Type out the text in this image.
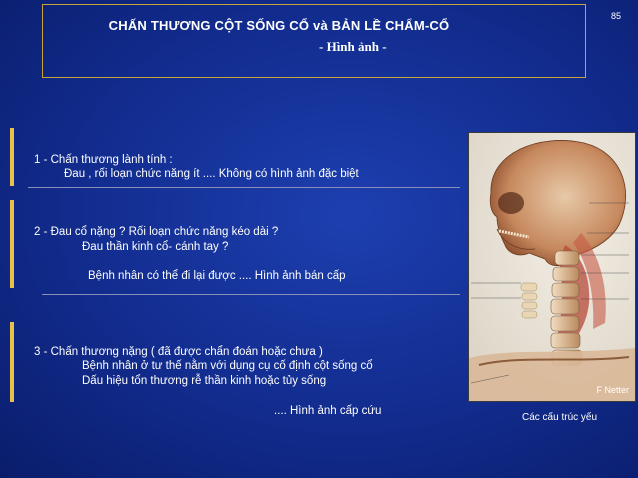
CHẤN THƯƠNG CỘT SỐNG CỔ và BẢN LỀ CHẨM-CỔ
- Hình ảnh -
85
1 - Chấn thương lành tính :
Đau , rối loạn chức năng ít .... Không có hình ảnh đặc biệt
2 - Đau cổ nặng ? Rối loạn chức năng kéo dài ?
Đau thần kinh cổ- cánh tay ?
Bệnh nhân có thể đi lại được .... Hình ảnh bán cấp
3 - Chấn thương nặng ( đã được chẩn đoán hoặc chưa )
Bệnh nhân ở tư thế nằm với dụng cụ cố định cột sống cổ
Dấu hiệu tổn thương rễ thần kinh hoặc tủy sống
.... Hình ảnh cấp cứu
F Netter
Các cấu trúc yếu
